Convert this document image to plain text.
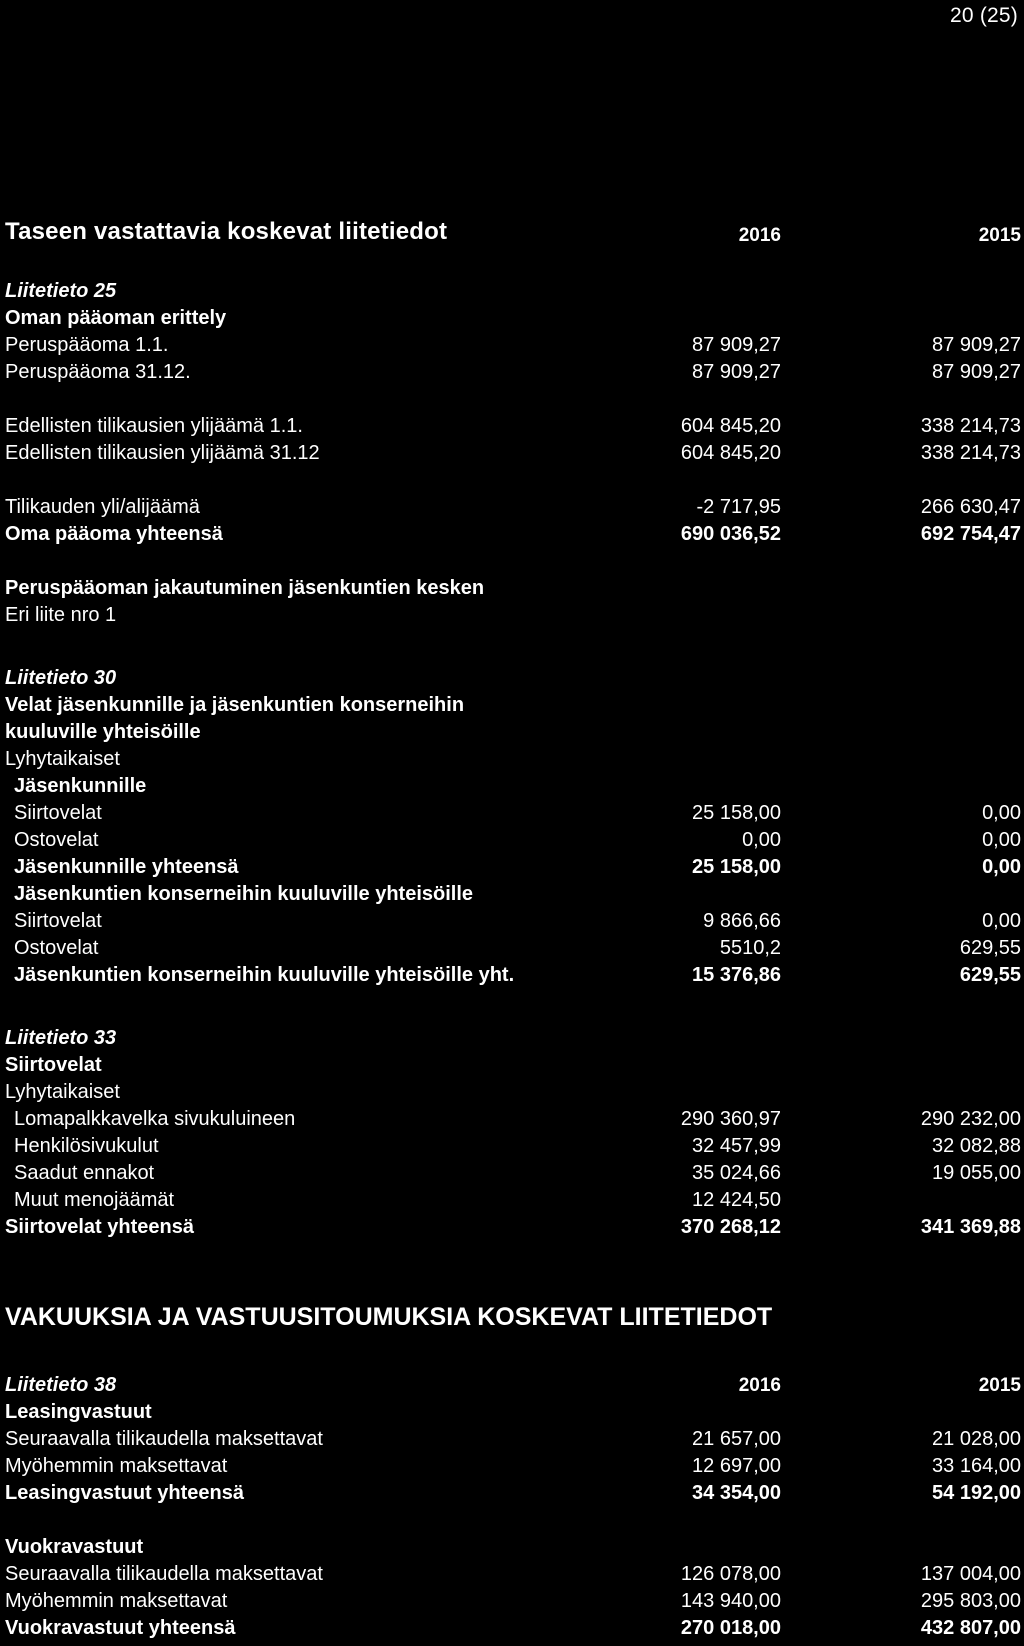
20 (25)
Taseen vastattavia koskevat liitetiedot	2016	2015
Liitetieto 25
Oman pääoman erittely
Peruspääoma 1.1.	87 909,27	87 909,27
Peruspääoma 31.12.	87 909,27	87 909,27
Edellisten tilikausien ylijäämä 1.1.	604 845,20	338 214,73
Edellisten tilikausien ylijäämä 31.12	604 845,20	338 214,73
Tilikauden yli/alijäämä	-2 717,95	266 630,47
Oma pääoma yhteensä	690 036,52	692 754,47
Peruspääoman jakautuminen jäsenkuntien kesken
Eri liite nro 1
Liitetieto 30
Velat jäsenkunnille ja jäsenkuntien konserneihin
kuuluville yhteisöille
Lyhytaikaiset
Jäsenkunnille
Siirtovelat	25 158,00	0,00
Ostovelat	0,00	0,00
Jäsenkunnille yhteensä	25 158,00	0,00
Jäsenkuntien konserneihin kuuluville yhteisöille
Siirtovelat	9 866,66	0,00
Ostovelat	5510,2	629,55
Jäsenkuntien konserneihin kuuluville yhteisöille yht.	15 376,86	629,55
Liitetieto 33
Siirtovelat
Lyhytaikaiset
Lomapalkkavelka sivukuluineen	290 360,97	290 232,00
Henkilösivukulut	32 457,99	32 082,88
Saadut ennakot	35 024,66	19 055,00
Muut menojäämät	12 424,50
Siirtovelat yhteensä	370 268,12	341 369,88
VAKUUKSIA JA VASTUUSITOUMUKSIA KOSKEVAT LIITETIEDOT
Liitetieto 38	2016	2015
Leasingvastuut
Seuraavalla tilikaudella maksettavat	21 657,00	21 028,00
Myöhemmin maksettavat	12 697,00	33 164,00
Leasingvastuut yhteensä	34 354,00	54 192,00
Vuokravastuut
Seuraavalla tilikaudella maksettavat	126 078,00	137 004,00
Myöhemmin maksettavat	143 940,00	295 803,00
Vuokravastuut yhteensä	270 018,00	432 807,00
